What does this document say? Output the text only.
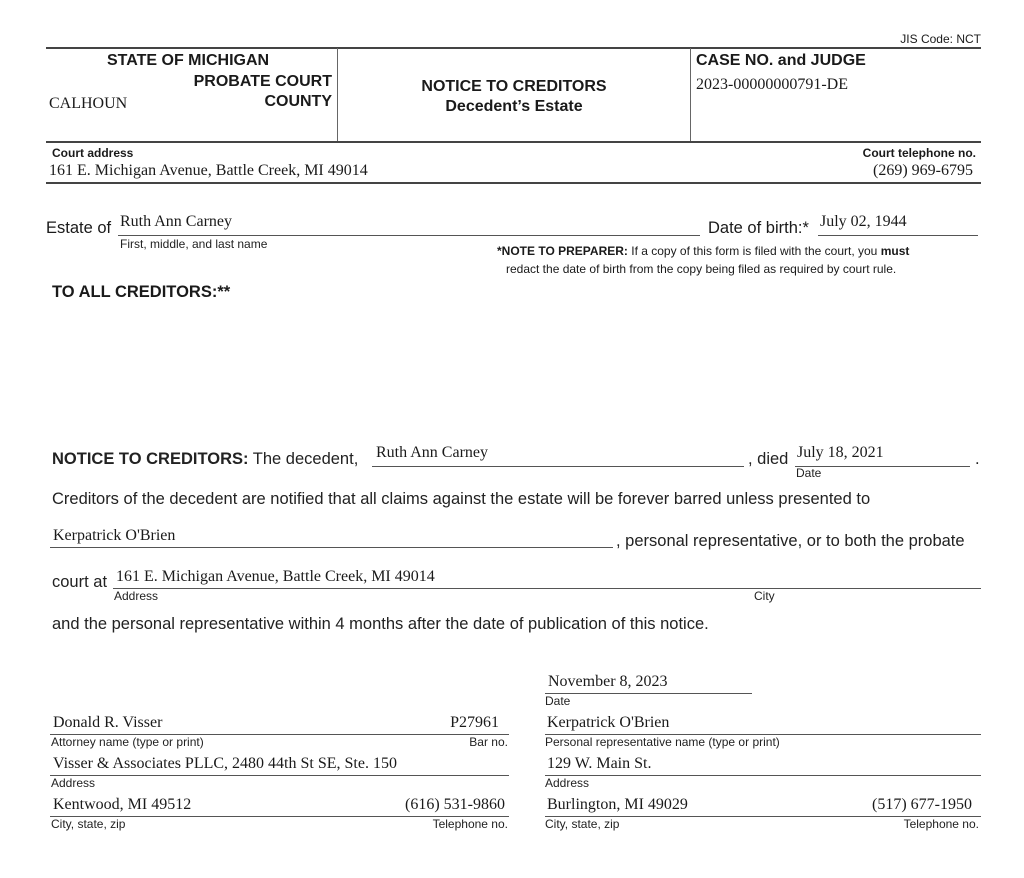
JIS Code: NCT
STATE OF MICHIGAN
PROBATE COURT
CALHOUN	COUNTY
NOTICE TO CREDITORS
Decedent’s Estate
CASE NO. and JUDGE
2023-00000000791-DE
Court address
161 E. Michigan Avenue, Battle Creek, MI 49014
Court telephone no.
(269) 969-6795
Estate of Ruth Ann Carney
First, middle, and last name
Date of birth:* July 02, 1944
*NOTE TO PREPARER: If a copy of this form is filed with the court, you must
redact the date of birth from the copy being filed as required by court rule.
TO ALL CREDITORS:**
NOTICE TO CREDITORS: The decedent, Ruth Ann Carney	, died July 18, 2021
Date
.
Creditors of the decedent are notified that all claims against the estate will be forever barred unless presented to
Kerpatrick O'Brien	, personal representative, or to both the probate
court at 161 E. Michigan Avenue, Battle Creek, MI 49014
Address	City
and the personal representative within 4 months after the date of publication of this notice.
November 8, 2023
Date
Donald R. Visser	P27961
Attorney name (type or print)	Bar no.
Visser & Associates PLLC, 2480 44th St SE, Ste. 150
Address
Kentwood, MI 49512	(616) 531-9860
City, state, zip	Telephone no.
Kerpatrick O'Brien
Personal representative name (type or print)
129 W. Main St.
Address
Burlington, MI 49029	(517) 677-1950
City, state, zip	Telephone no.
